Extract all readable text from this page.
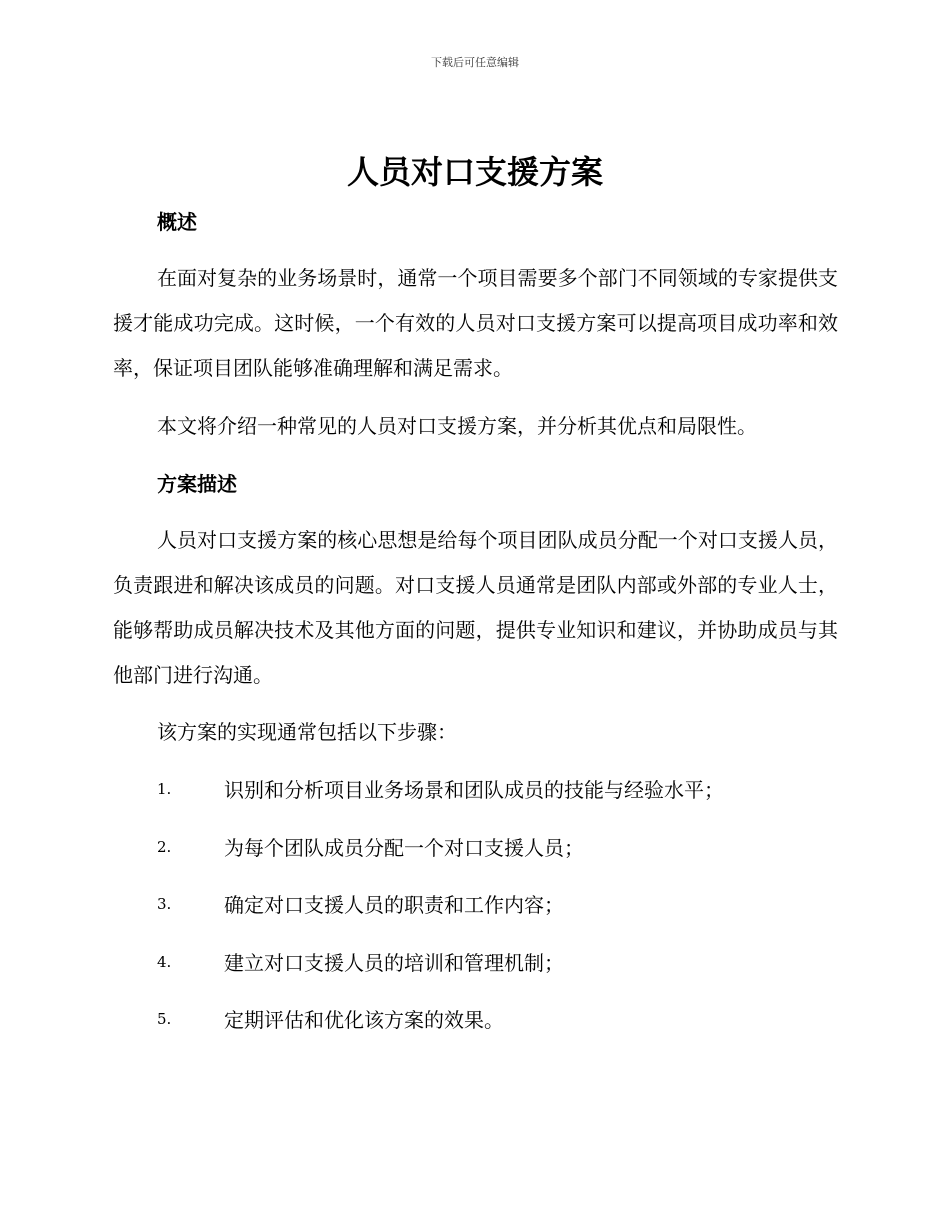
下载后可任意编辑
人员对口支援方案
概述

在面对复杂的业务场景时，通常一个项目需要多个部门不同领域的专家提供支援才能成功完成。这时候，一个有效的人员对口支援方案可以提高项目成功率和效率，保证项目团队能够准确理解和满足需求。

本文将介绍一种常见的人员对口支援方案，并分析其优点和局限性。

方案描述

人员对口支援方案的核心思想是给每个项目团队成员分配一个对口支援人员，负责跟进和解决该成员的问题。对口支援人员通常是团队内部或外部的专业人士，能够帮助成员解决技术及其他方面的问题，提供专业知识和建议，并协助成员与其他部门进行沟通。

该方案的实现通常包括以下步骤：

1.	识别和分析项目业务场景和团队成员的技能与经验水平；
2.	为每个团队成员分配一个对口支援人员；
3.	确定对口支援人员的职责和工作内容；
4.	建立对口支援人员的培训和管理机制；
5.	定期评估和优化该方案的效果。
